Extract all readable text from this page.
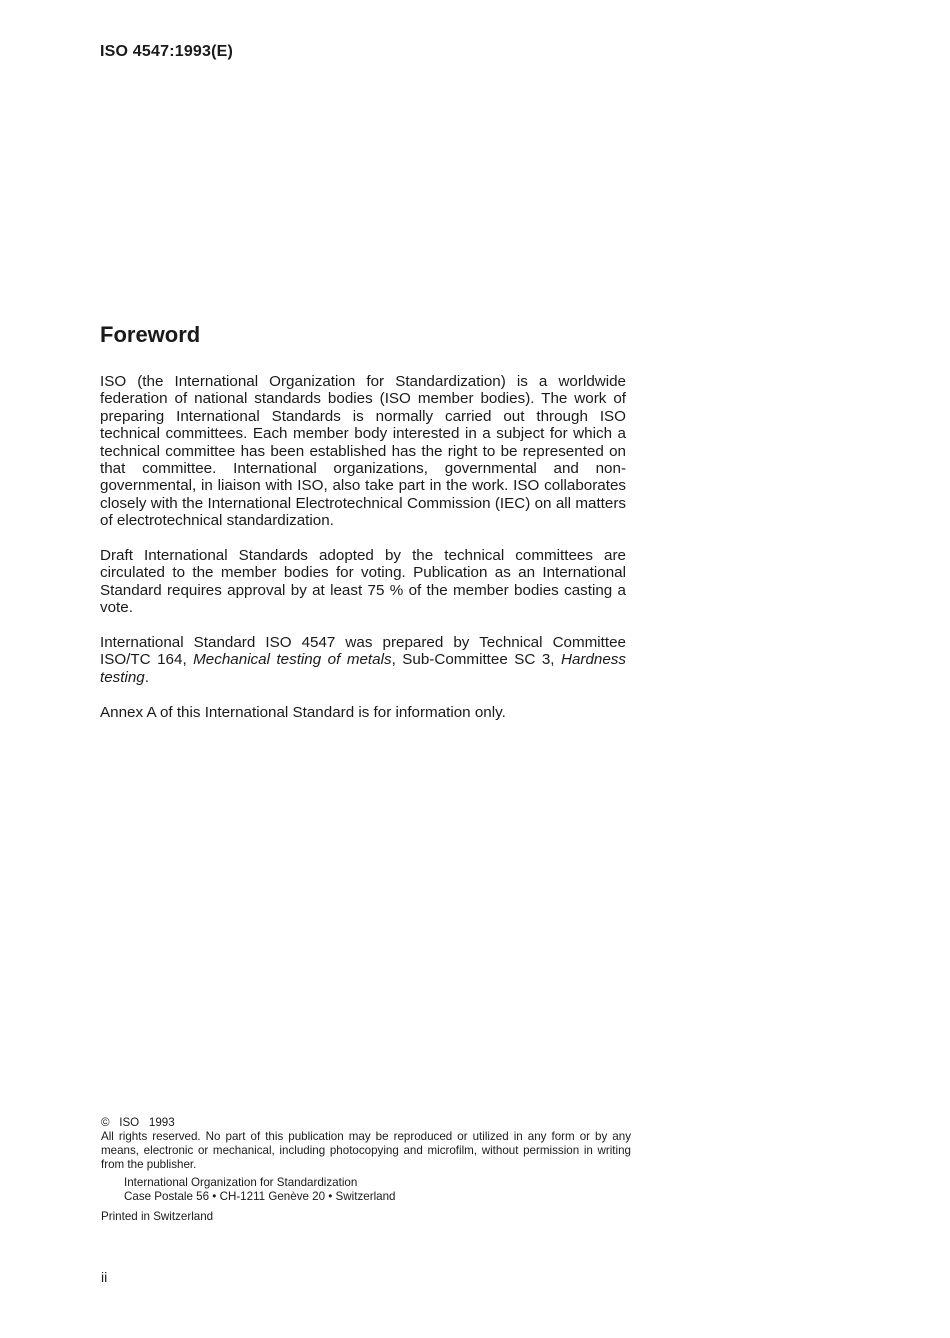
ISO 4547:1993(E)
Foreword

ISO (the International Organization for Standardization) is a worldwide federation of national standards bodies (ISO member bodies). The work of preparing International Standards is normally carried out through ISO technical committees. Each member body interested in a subject for which a technical committee has been established has the right to be represented on that committee. International organizations, governmental and non-governmental, in liaison with ISO, also take part in the work. ISO collaborates closely with the International Electrotechnical Commission (IEC) on all matters of electrotechnical standardization.

Draft International Standards adopted by the technical committees are circulated to the member bodies for voting. Publication as an International Standard requires approval by at least 75 % of the member bodies casting a vote.

International Standard ISO 4547 was prepared by Technical Committee ISO/TC 164, Mechanical testing of metals, Sub-Committee SC 3, Hardness testing.

Annex A of this International Standard is for information only.

© ISO 1993
All rights reserved. No part of this publication may be reproduced or utilized in any form or by any means, electronic or mechanical, including photocopying and microfilm, without permission in writing from the publisher.
International Organization for Standardization
Case Postale 56 • CH-1211 Genève 20 • Switzerland
Printed in Switzerland
ii
